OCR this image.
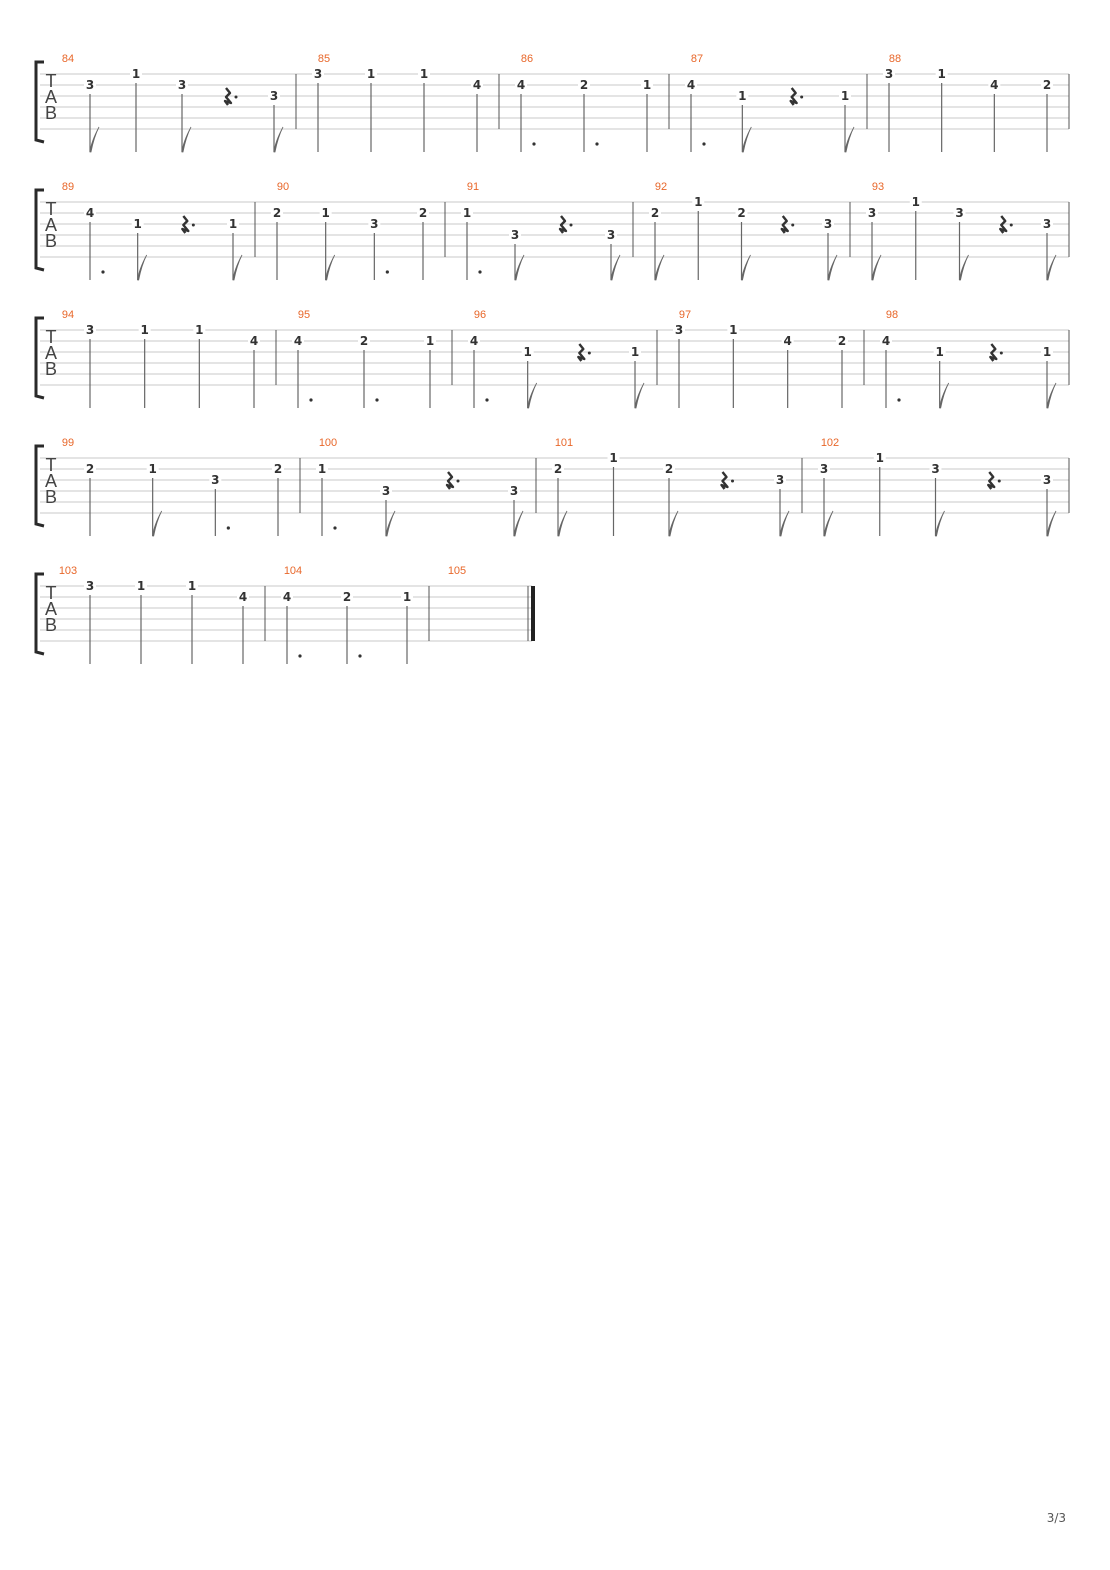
T
A
B
84
3
1
3
3
85
3	1	1
4
86
4	2	1
87
4
1	1
88
3	1
4	2
T
A
B
89
4
1	1
90
2	1
3
2
91
1
3	3
92
2
1
2
3
93
3
1
3
3
T
A
B
94
3	1	1
4
95
4	2	1
96
4
1	1
97
3	1
4	2
98
4
1	1
T
A
B
99
2	1
3
2
100
1
3	3
101
2
1
2
3
102
3
1
3
3
T
A
B
103
3	1	1
4
104
4	2	1
105
3/3
